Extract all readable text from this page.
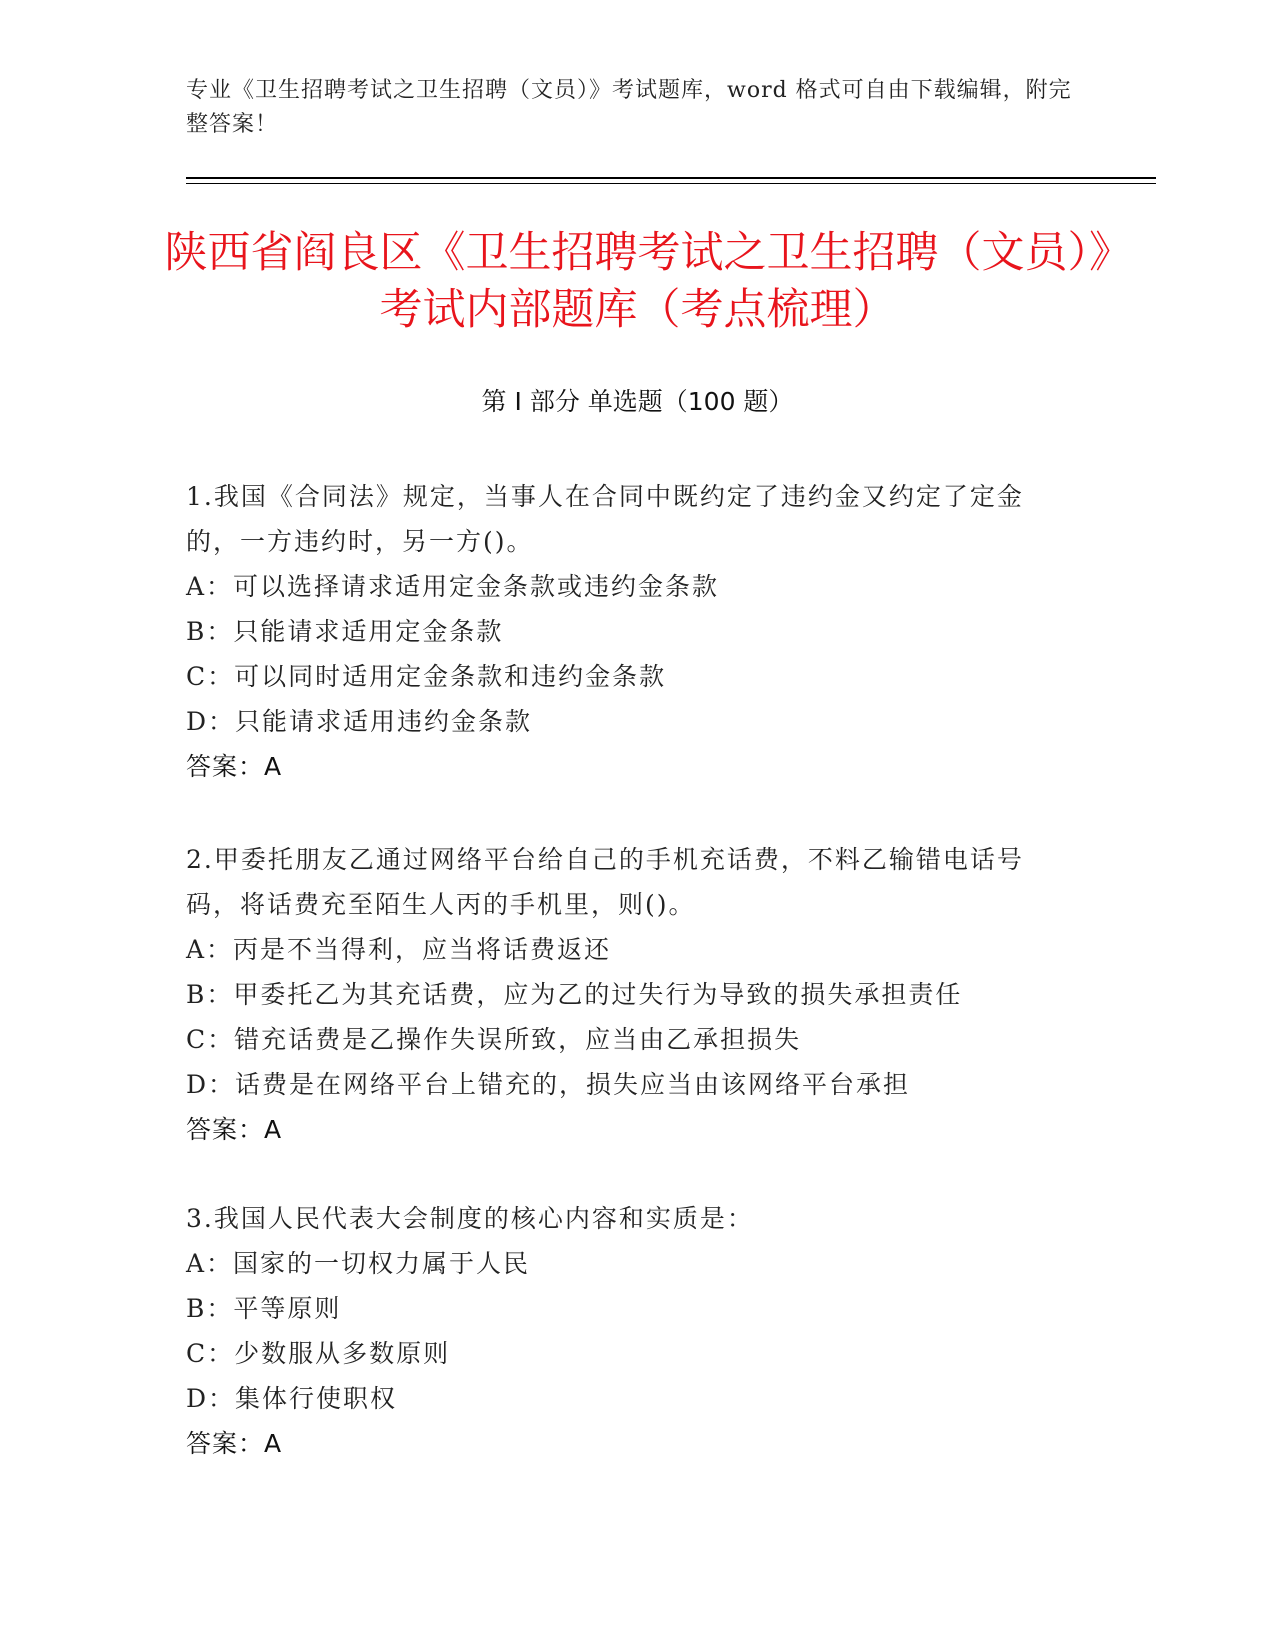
专业《卫生招聘考试之卫生招聘（文员）》考试题库，word 格式可自由下载编辑，附完整答案！
陕西省阎良区《卫生招聘考试之卫生招聘（文员）》考试内部题库（考点梳理）
第 I 部分 单选题（100 题）

1.我国《合同法》规定，当事人在合同中既约定了违约金又约定了定金的，一方违约时，另一方()。

A：可以选择请求适用定金条款或违约金条款

B：只能请求适用定金条款

C：可以同时适用定金条款和违约金条款

D：只能请求适用违约金条款

答案：A

2.甲委托朋友乙通过网络平台给自己的手机充话费，不料乙输错电话号码，将话费充至陌生人丙的手机里，则()。

A：丙是不当得利，应当将话费返还

B：甲委托乙为其充话费，应为乙的过失行为导致的损失承担责任

C：错充话费是乙操作失误所致，应当由乙承担损失

D：话费是在网络平台上错充的，损失应当由该网络平台承担

答案：A

3.我国人民代表大会制度的核心内容和实质是：

A：国家的一切权力属于人民

B：平等原则

C：少数服从多数原则

D：集体行使职权

答案：A
